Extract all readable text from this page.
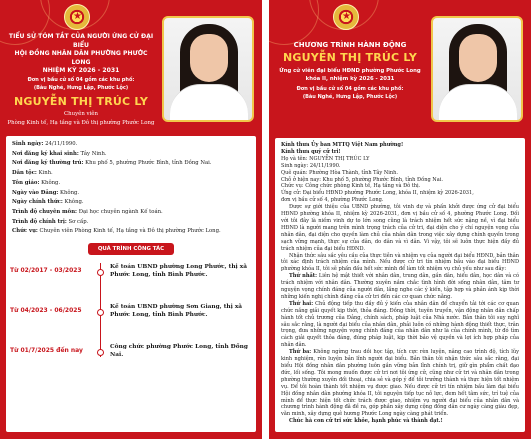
★
TIỂU SỬ TÓM TẮT CỦA NGƯỜI ỨNG CỬ ĐẠI BIỂU
HỘI ĐỒNG NHÂN DÂN PHƯỜNG PHƯỚC LONG
NHIỆM KỲ 2026 - 2031
Đơn vị bầu cử số 04 gồm các khu phố:
(Bàu Nghé, Hưng Lập, Phước Lộc)
NGUYỄN THỊ TRÚC LY
Chuyên viên
Phòng Kinh tế, Hạ tầng và Đô thị phường Phước Long
Sinh ngày: 24/11/1990.
Nơi đăng ký khai sinh: Tây Ninh.
Nơi đăng ký thường trú: Khu phố 5, phường Phước Bình, tỉnh Đồng Nai.
Dân tộc: Kinh.
Tôn giáo: Không.
Ngày vào Đảng: Không.
Ngày chính thức: Không.
Trình độ chuyên môn: Đại học chuyên ngành Kế toán.
Trình độ chính trị: Sơ cấp.
Chức vụ: Chuyên viên Phòng Kinh tế, Hạ tầng và Đô thị phường Phước Long.
QUÁ TRÌNH CÔNG TÁC
Từ 02/2017 - 03/2023	Kế toán UBND phường Long Phước, thị xã Phước Long, tỉnh Bình Phước.
Từ 04/2023 - 06/2025	Kế toán UBND phường Sơn Giang, thị xã Phước Long, tỉnh Bình Phước.
Từ 01/7/2025 đến nay	Công chức phường Phước Long, tỉnh Đồng Nai.
★
CHƯƠNG TRÌNH HÀNH ĐỘNG
NGUYỄN THỊ TRÚC LY
Ứng cử viên đại biểu HĐND phường Phước Long
khóa II, nhiệm kỳ 2026 - 2031
Đơn vị bầu cử số 04 gồm các khu phố:
(Bàu Nghé, Hưng Lập, Phước Lộc)

Kính thưa Ủy ban MTTQ Việt Nam phường!

Kính thưa quý cử tri!

Họ và tên: NGUYỄN THỊ TRÚC LY

Sinh ngày: 24/11/1990.

Quê quán: Phường Hòa Thành, tỉnh Tây Ninh.

Chỗ ở hiện nay: Khu phố 5, phường Phước Bình, tỉnh Đồng Nai.

Chức vụ: Công chức phòng Kinh tế, Hạ tầng và Đô thị.

Ứng cử: Đại biểu HĐND phường Phước Long, khóa II, nhiệm kỳ 2026-2031,

đơn vị bầu cử số 4, phường Phước Long.

Được sự giới thiệu của UBND phường, tôi vinh dự và phấn khởi được ứng cử đại biểu HĐND phường khóa II, nhiệm kỳ 2026-2031, đơn vị bầu cử số 4, phường Phước Long. Đối với tôi đây là niềm vinh dự to lớn song cũng là trách nhiệm hết sức nặng nề, vì đại biểu HĐND là người mang trên mình trọng trách của cử tri, đại diện cho ý chí nguyện vọng của nhân dân, đại diện cho quyền làm chủ của nhân dân trong việc xây dựng chính quyền trong sạch vững mạnh, thực sự của dân, do dân và vì dân. Vì vậy, tôi sẽ luôn thực hiện đầy đủ trách nhiệm của đại biểu HĐND.

Nhận thức sâu sắc yêu cầu của thực tiễn và nhiệm vụ của người đại biểu HĐND, bản thân tôi xác định trách nhiệm của mình. Nếu được cử tri tín nhiệm bầu vào đại biểu HĐND phường khóa II, tôi sẽ phấn đấu hết sức mình để làm tốt nhiệm vụ chủ yếu như sau đây:

Thứ nhất: Liên hệ mật thiết với nhân dân, trung dân, gần dân, hiểu dân, học dân và có trách nhiệm với nhân dân. Thường xuyên nắm chắc tình hình đời sống nhân dân, tâm tư nguyện vọng chính đáng của người dân, lắng nghe các ý kiến, tập hợp và phản ánh kịp thời những kiến nghị chính đáng của cử tri đến các cơ quan chức năng.

Thứ hai: Chủ động tiếp thu đầy đủ ý kiến của nhân dân để chuyển tải tới các cơ quan chức năng giải quyết kịp thời, thỏa đáng. Đồng thời, tuyên truyền, vận động nhân dân chấp hành tốt chủ trương của Đảng, chính sách, pháp luật của Nhà nước. Bản thân tôi suy nghĩ sâu sắc rằng, là người đại biểu của nhân dân, phải luôn có những hành động thiết thực, trân trọng, đưa những nguyện vọng chính đáng của nhân dân như là của chính mình, từ đó tìm cách giải quyết thỏa đáng, đúng pháp luật, kịp thời bảo vệ quyền và lợi ích hợp pháp của nhân dân.

Thứ ba: Không ngừng trau dồi học tập, tích cực rèn luyện, nâng cao trình độ, tích lũy kinh nghiệm, rèn luyện bản lĩnh người đại biểu. Bản thân tôi nhận thức sâu sắc rằng, đại biểu Hội đồng nhân dân phường luôn gắn vững bản lĩnh chính trị, giữ gìn phẩm chất đạo đức, lối sống. Tôi mong muốn được cử tri nơi tôi ứng cử, cũng như cử tri và nhân dân trong phường thường xuyên đối thoại, chia sẻ và góp ý để tôi trưởng thành và thực hiện tốt nhiệm vụ. Để tôi hoàn thành tốt nhiệm vụ được giao. Nếu được cử tri tín nhiệm bầu làm đại biểu Hội đồng nhân dân phường khóa II, tôi nguyện tiếp tục nỗ lực, đem hết tâm sức, trí tuệ của mình để thực hiện tốt chức trách được giao, nhiệm vụ người đại biểu của nhân dân và chương trình hành động đã đề ra, góp phần xây dựng cộng đồng dân cư ngày càng giàu đẹp, văn minh, xây dựng quê hương Phước Long ngày càng phát triển.

Chúc hà con cử tri sức khỏe, hạnh phúc và thành đạt.!
